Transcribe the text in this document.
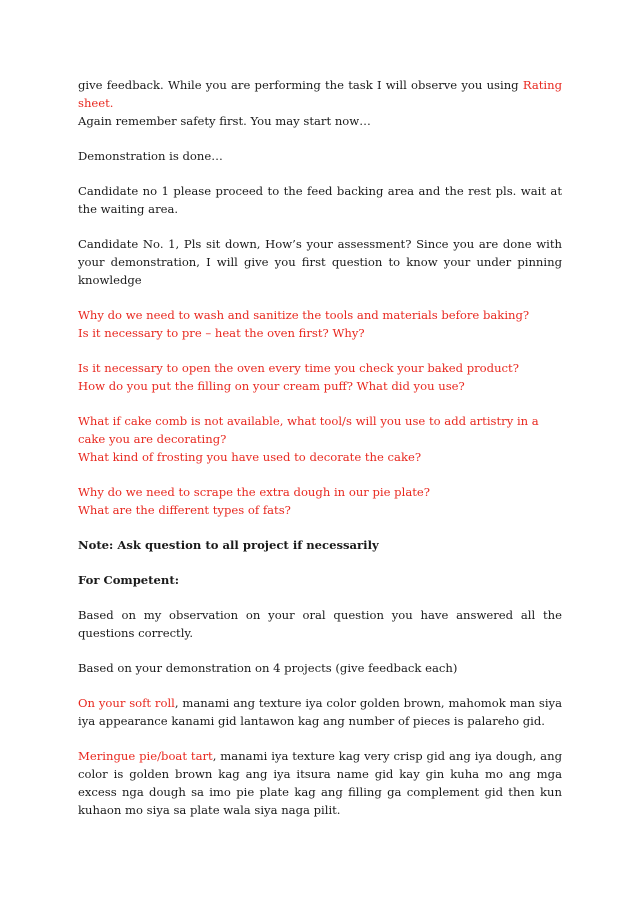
give feedback. While you are performing the task I will observe you using Rating sheet.
Again remember safety first. You may start now…

Demonstration is done…

Candidate no 1 please proceed to the feed backing area and the rest pls. wait at the waiting area.

Candidate No. 1, Pls sit down, How’s your assessment? Since you are done with your demonstration, I will give you first question to know your under pinning knowledge

Why do we need to wash and sanitize the tools and materials before baking?
Is it necessary to pre – heat the oven first? Why?

Is it necessary to open the oven every time you check your baked product?
How do you put the filling on your cream puff? What did you use?

What if cake comb is not available, what tool/s will you use to add artistry in a cake you are decorating?
What kind of frosting you have used to decorate the cake?

Why do we need to scrape the extra dough in our pie plate?
What are the different types of fats?

Note: Ask question to all project if necessarily

For Competent:

Based on my observation on your oral question you have answered all the questions correctly.

Based on your demonstration on 4 projects (give feedback each)

On your soft roll, manami ang texture iya color golden brown, mahomok man siya iya appearance kanami gid lantawon kag ang number of pieces is palareho gid.

Meringue pie/boat tart, manami iya texture kag very crisp gid ang iya dough, ang color is golden brown kag ang iya itsura name gid kay gin kuha mo ang mga excess nga dough sa imo pie plate kag ang filling ga complement gid then kun kuhaon mo siya sa plate wala siya naga pilit.
